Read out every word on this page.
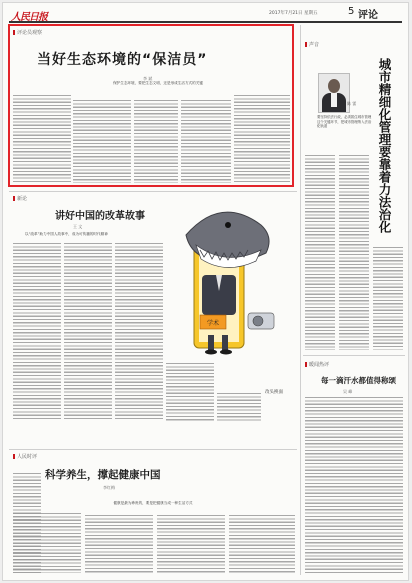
人民日报	2017年7月21日 星期五	5 评论
评论员观察
当好生态环境的“保洁员”
李 斌
保护生态环境，要把生态文明，还是形成生活方式的关键
声音
陈 雷
要坚持依法行政，必须抓住城市管理这个关键环节，把城市管理纳入法治化轨道	城市精细化管理要靠着力法治化
新论
讲好中国的改革故事
王 文
以“改革”助力中国人故事中，成为可传播的时代精神
学术
改头换面
暖闻热评
每一滴汗水都值得称颂
吴 峰
人民时评
科学养生，撑起健康中国
李红梅
健康是最为珍贵的，要是把健康当成一种生活方式
